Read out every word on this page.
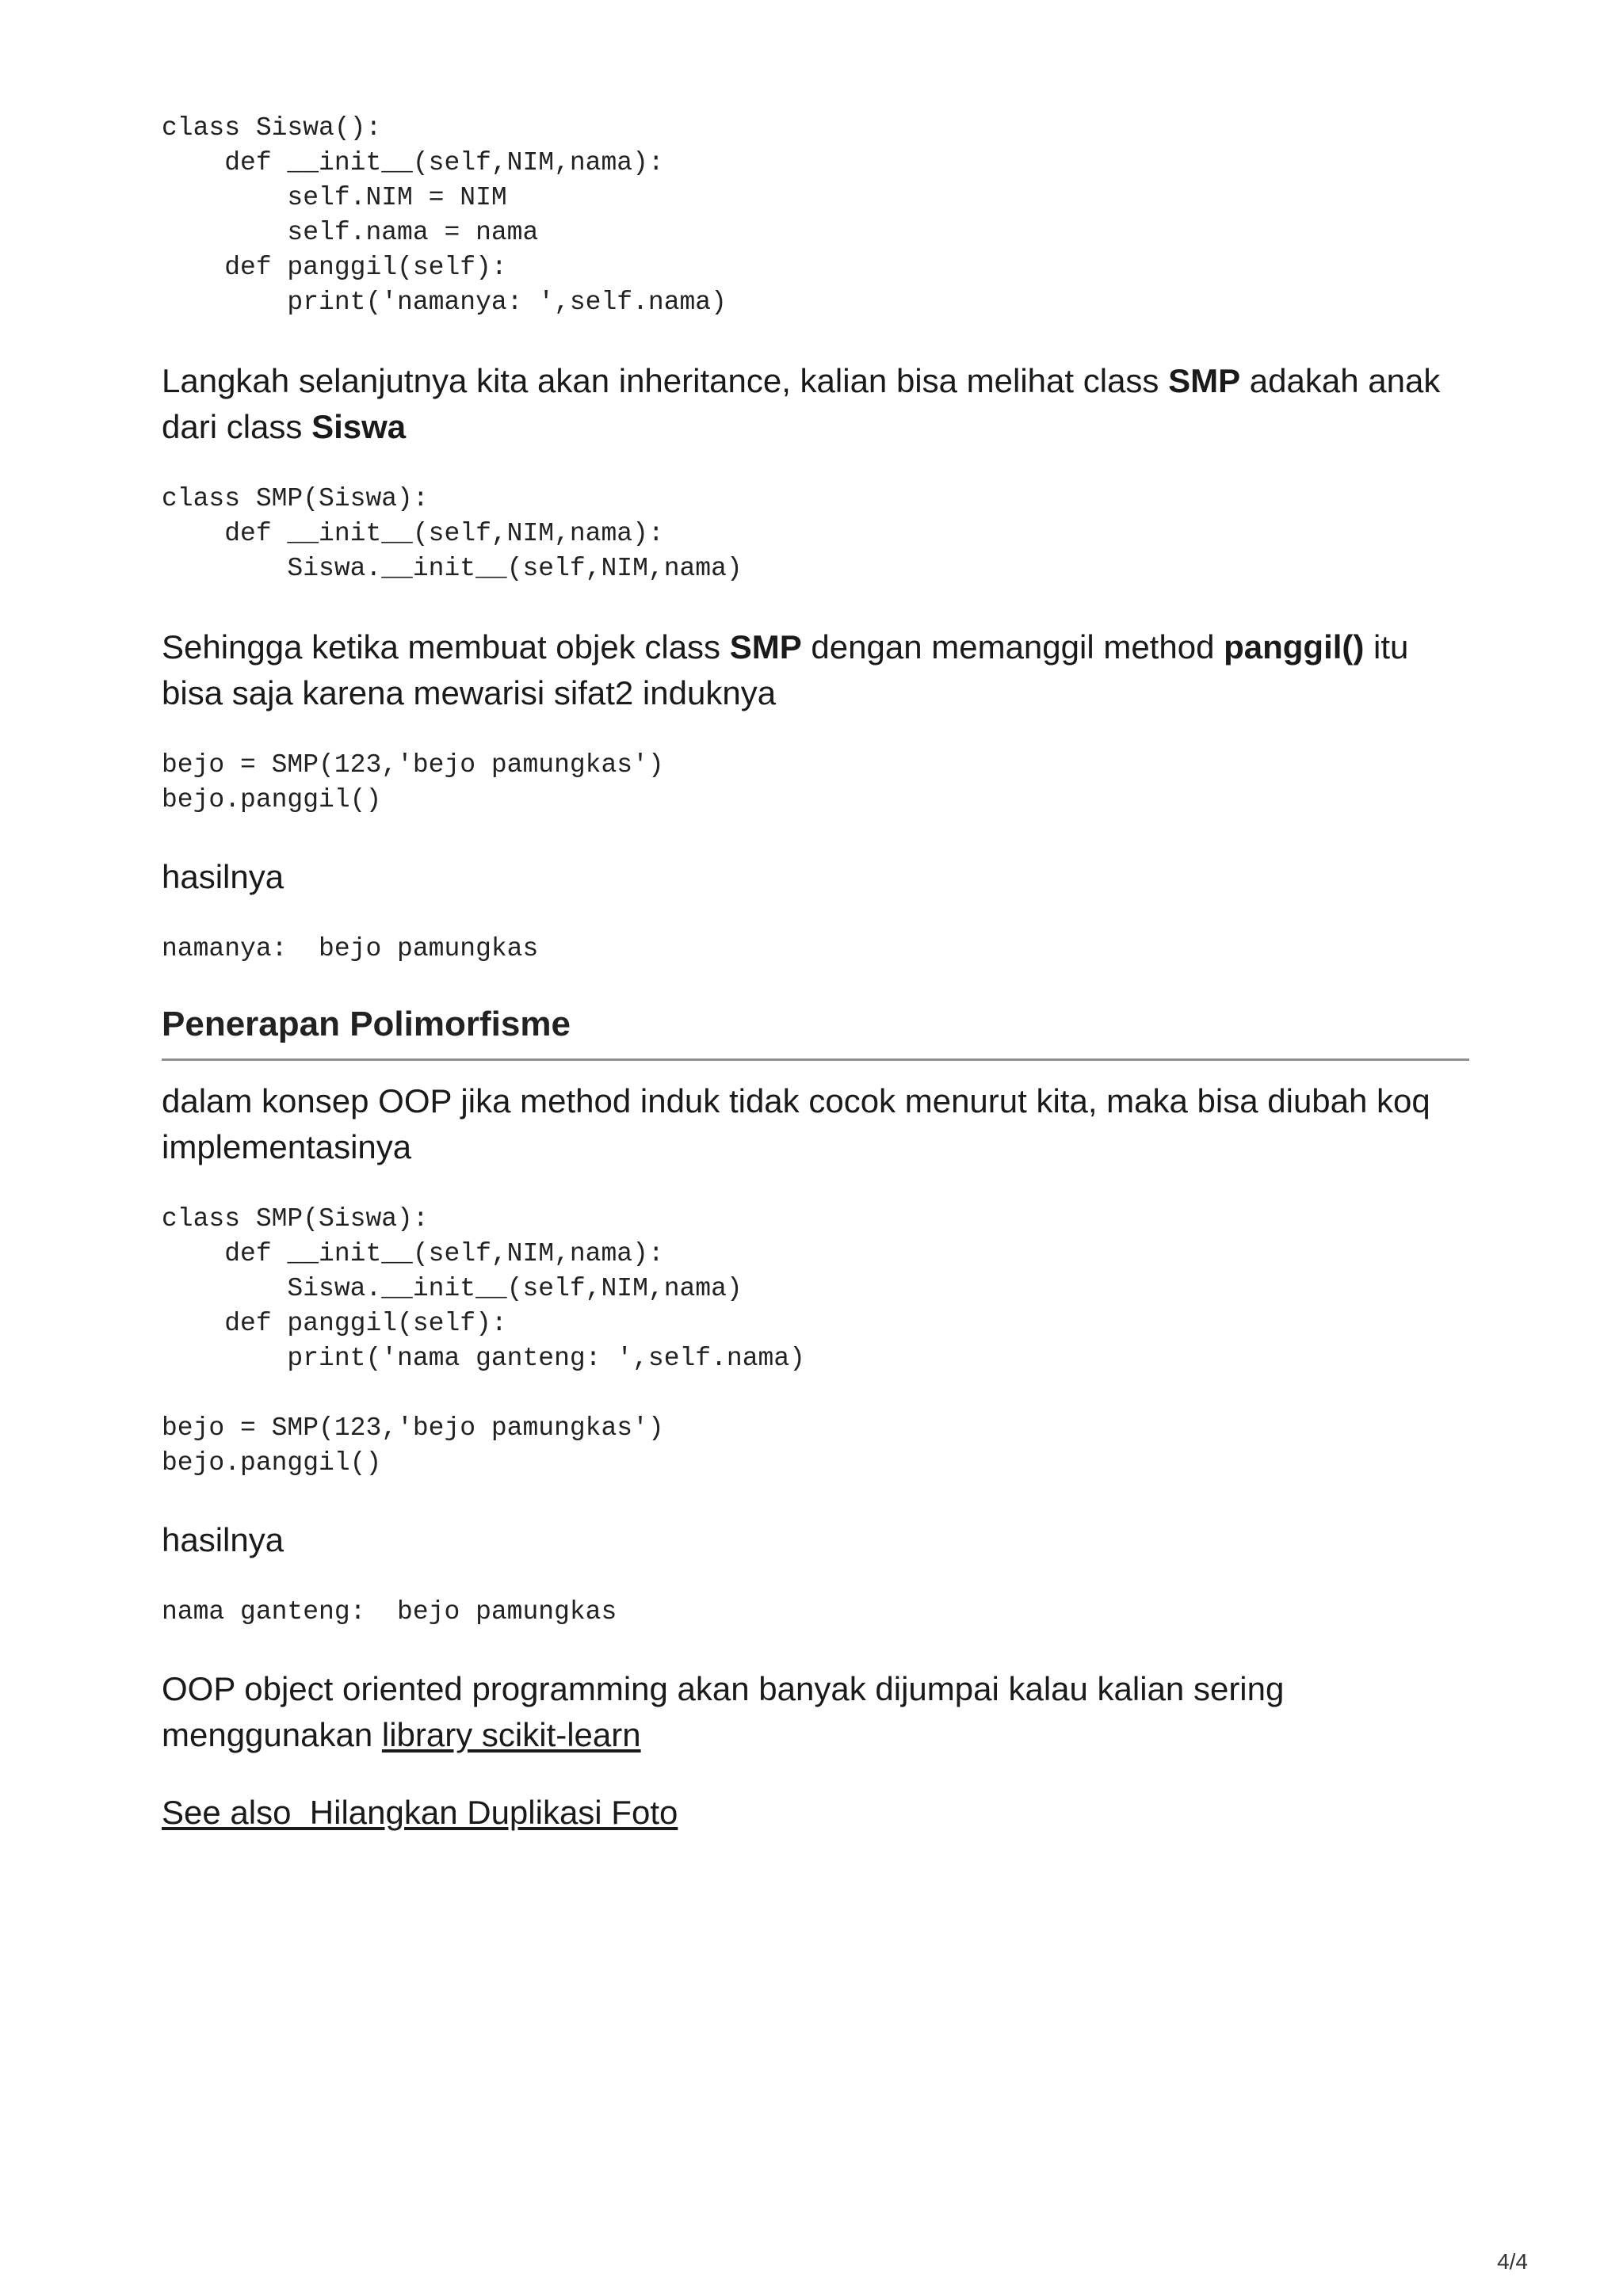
class Siswa():
def __init__(self,NIM,nama):
self.NIM = NIM
self.nama = nama
def panggil(self):
print('namanya: ',self.nama)

Langkah selanjutnya kita akan inheritance, kalian bisa melihat class SMP adakah anak dari class Siswa

class SMP(Siswa):
def __init__(self,NIM,nama):
Siswa.__init__(self,NIM,nama)

Sehingga ketika membuat objek class SMP dengan memanggil method panggil() itu bisa saja karena mewarisi sifat2 induknya

bejo = SMP(123,'bejo pamungkas')
bejo.panggil()

hasilnya

namanya:  bejo pamungkas
Penerapan Polimorfisme

dalam konsep OOP jika method induk tidak cocok menurut kita, maka bisa diubah koq implementasinya

class SMP(Siswa):
def __init__(self,NIM,nama):
Siswa.__init__(self,NIM,nama)
def panggil(self):
print('nama ganteng: ',self.nama)

bejo = SMP(123,'bejo pamungkas')
bejo.panggil()

hasilnya

nama ganteng:  bejo pamungkas

OOP object oriented programming akan banyak dijumpai kalau kalian sering menggunakan library scikit-learn

See also  Hilangkan Duplikasi Foto

4/4
